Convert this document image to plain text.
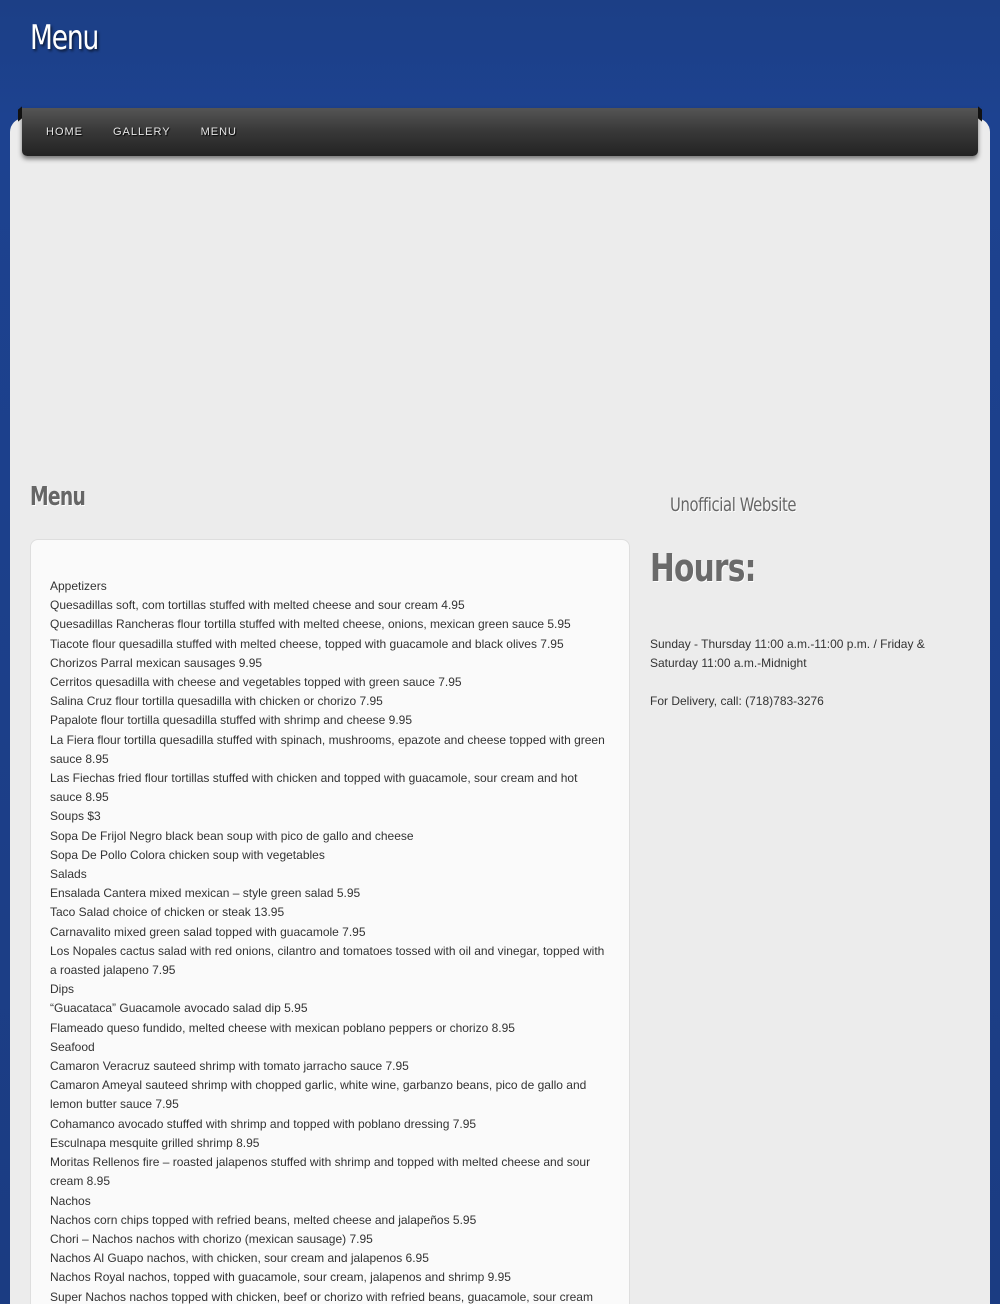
Menu
HOME	GALLERY	MENU
Menu
Appetizers
Quesadillas soft, com tortillas stuffed with melted cheese and sour cream 4.95
Quesadillas Rancheras flour tortilla stuffed with melted cheese, onions, mexican green sauce 5.95
Tiacote flour quesadilla stuffed with melted cheese, topped with guacamole and black olives 7.95
Chorizos Parral mexican sausages 9.95
Cerritos quesadilla with cheese and vegetables topped with green sauce 7.95
Salina Cruz flour tortilla quesadilla with chicken or chorizo 7.95
Papalote flour tortilla quesadilla stuffed with shrimp and cheese 9.95
La Fiera flour tortilla quesadilla stuffed with spinach, mushrooms, epazote and cheese topped with green sauce 8.95
Las Fiechas fried flour tortillas stuffed with chicken and topped with guacamole, sour cream and hot sauce 8.95
Soups $3
Sopa De Frijol Negro black bean soup with pico de gallo and cheese
Sopa De Pollo Colora chicken soup with vegetables
Salads
Ensalada Cantera mixed mexican – style green salad 5.95
Taco Salad choice of chicken or steak 13.95
Carnavalito mixed green salad topped with guacamole 7.95
Los Nopales cactus salad with red onions, cilantro and tomatoes tossed with oil and vinegar, topped with a roasted jalapeno 7.95
Dips
“Guacataca” Guacamole avocado salad dip 5.95
Flameado queso fundido, melted cheese with mexican poblano peppers or chorizo 8.95
Seafood
Camaron Veracruz sauteed shrimp with tomato jarracho sauce 7.95
Camaron Ameyal sauteed shrimp with chopped garlic, white wine, garbanzo beans, pico de gallo and lemon butter sauce 7.95
Cohamanco avocado stuffed with shrimp and topped with poblano dressing 7.95
Esculnapa mesquite grilled shrimp 8.95
Moritas Rellenos fire – roasted jalapenos stuffed with shrimp and topped with melted cheese and sour cream 8.95
Nachos
Nachos corn chips topped with refried beans, melted cheese and jalapeños 5.95
Chori – Nachos nachos with chorizo (mexican sausage) 7.95
Nachos Al Guapo nachos, with chicken, sour cream and jalapenos 6.95
Nachos Royal nachos, topped with guacamole, sour cream, jalapenos and shrimp 9.95
Super Nachos nachos topped with chicken, beef or chorizo with refried beans, guacamole, sour cream
Unofficial Website
Hours:

Sunday - Thursday 11:00 a.m.-11:00 p.m. / Friday & Saturday 11:00 a.m.-Midnight

For Delivery, call: (718)783-3276
